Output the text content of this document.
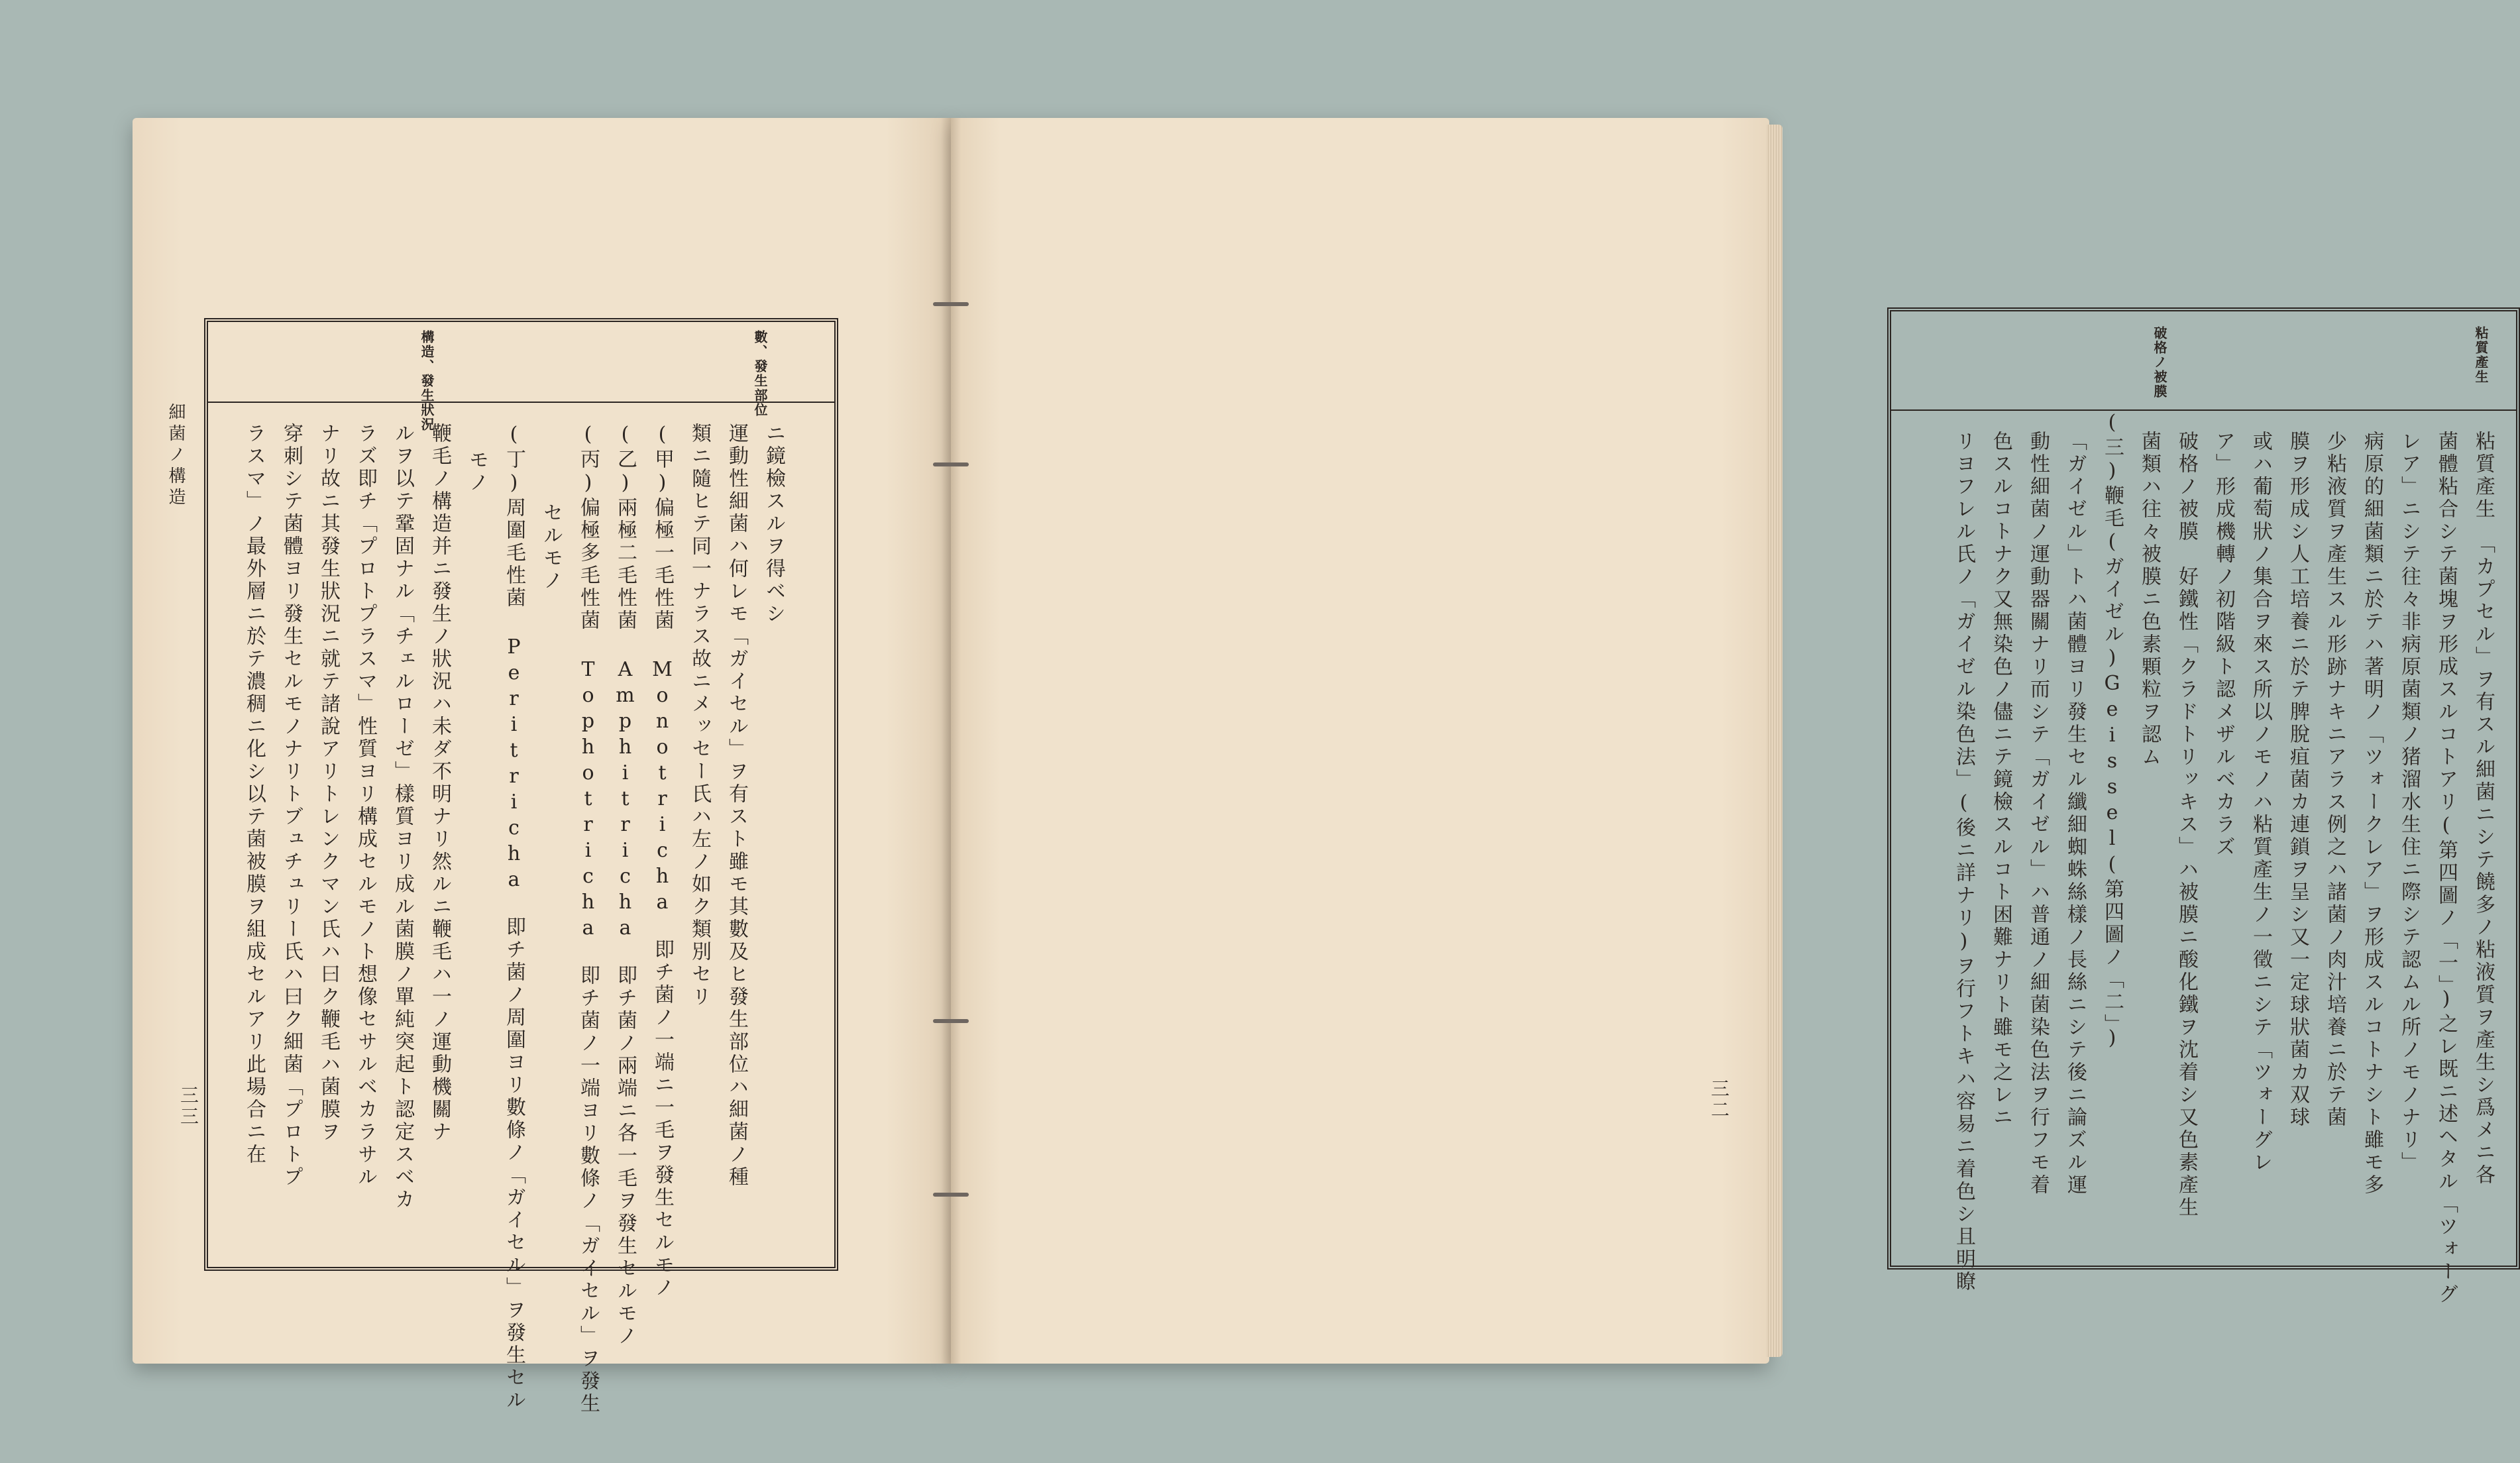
細菌ノ構造
三三
數、發生部位
構造、發生狀況
ニ鏡檢スルヲ得ベシ
運動性細菌ハ何レモ「ガイセル」ヲ有スト雖モ其數及ヒ發生部位ハ細菌ノ種
類ニ隨ヒテ同一ナラス故ニメッセー氏ハ左ノ如ク類別セリ
(甲)偏極一毛性菌 Monotricha　即チ菌ノ一端ニ一毛ヲ發生セルモノ
(乙)兩極二毛性菌 Amphitricha　即チ菌ノ兩端ニ各一毛ヲ發生セルモノ
(丙)偏極多毛性菌 Tophotricha　即チ菌ノ一端ヨリ數條ノ「ガイセル」ヲ發生
セルモノ
(丁)周圍毛性菌 Peritricha　即チ菌ノ周圍ヨリ數條ノ「ガイセル」ヲ發生セル
モノ
鞭毛ノ構造并ニ發生ノ狀況ハ未ダ不明ナリ然ルニ鞭毛ハ一ノ運動機關ナ
ルヲ以テ鞏固ナル「チェルローゼ」樣質ヨリ成ル菌膜ノ單純突起ト認定スベカ
ラズ即チ「プロトプラスマ」性質ヨリ構成セルモノト想像セサルベカラサル
ナリ故ニ其發生狀況ニ就テ諸說アリトレンクマン氏ハ曰ク鞭毛ハ菌膜ヲ
穿刺シテ菌體ヨリ發生セルモノナリトブュチュリー氏ハ曰ク細菌「プロトプ
ラスマ」ノ最外層ニ於テ濃稠ニ化シ以テ菌被膜ヲ組成セルアリ此場合ニ在	三二
粘質產生
破格ノ被膜
粘質產生　「カプセル」ヲ有スル細菌ニシテ饒多ノ粘液質ヲ產生シ爲メニ各
菌體粘合シテ菌塊ヲ形成スルコトアリ(第四圖ノ「一」)之レ既ニ述ヘタル「ツォーグ
レア」ニシテ往々非病原菌類ノ猪溜水生住ニ際シテ認ムル所ノモノナリ」
病原的細菌類ニ於テハ著明ノ「ツォークレア」ヲ形成スルコトナシト雖モ多
少粘液質ヲ產生スル形跡ナキニアラス例之ハ諸菌ノ肉汁培養ニ於テ菌
膜ヲ形成シ人工培養ニ於テ脾脫疽菌カ連鎖ヲ呈シ又一定球狀菌カ双球
或ハ葡萄狀ノ集合ヲ來ス所以ノモノハ粘質產生ノ一徵ニシテ「ツォーグレ
ア」形成機轉ノ初階級ト認メザルベカラズ
破格ノ被膜　好鐵性「クラドトリッキス」ハ被膜ニ酸化鐵ヲ沈着シ又色素產生
菌類ハ往々被膜ニ色素顆粒ヲ認ム
(三)鞭毛(ガイゼル)Geissel(第四圖ノ「二」)
「ガイゼル」トハ菌體ヨリ發生セル纖細蜘蛛絲樣ノ長絲ニシテ後ニ論ズル運
動性細菌ノ運動器關ナリ而シテ「ガイゼル」ハ普通ノ細菌染色法ヲ行フモ着
色スルコトナク又無染色ノ儘ニテ鏡檢スルコト困難ナリト雖モ之レニ
リヨフレル氏ノ「ガイゼル染色法」(後ニ詳ナリ)ヲ行フトキハ容易ニ着色シ且明瞭
